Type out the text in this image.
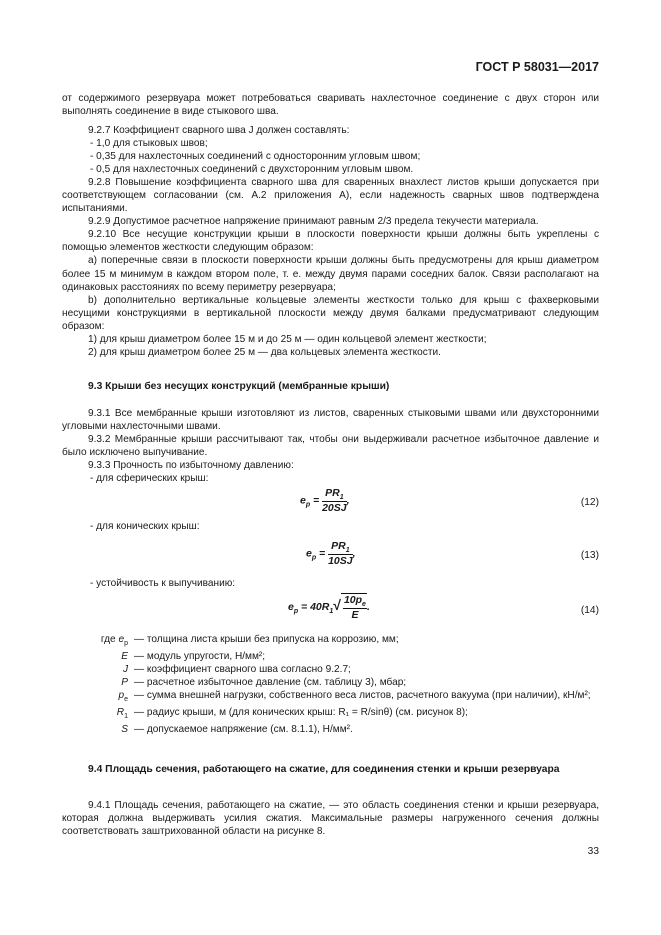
ГОСТ Р 58031—2017
от содержимого резервуара может потребоваться сваривать нахлесточное соединение с двух сторон или выполнять соединение в виде стыкового шва.

9.2.7 Коэффициент сварного шва J должен составлять:

- 1,0 для стыковых швов;

- 0,35 для нахлесточных соединений с односторонним угловым швом;

- 0,5 для нахлесточных соединений с двухсторонним угловым швом.

9.2.8 Повышение коэффициента сварного шва для сваренных внахлест листов крыши допускается при соответствующем согласовании (см. А.2 приложения А), если надежность сварных швов подтверждена испытаниями.

9.2.9 Допустимое расчетное напряжение принимают равным 2/3 предела текучести материала.

9.2.10 Все несущие конструкции крыши в плоскости поверхности крыши должны быть укреплены с помощью элементов жесткости следующим образом:

а) поперечные связи в плоскости поверхности крыши должны быть предусмотрены для крыш диаметром более 15 м минимум в каждом втором поле, т. е. между двумя парами соседних балок. Связи располагают на одинаковых расстояниях по всему периметру резервуара;

b) дополнительно вертикальные кольцевые элементы жесткости только для крыш с фахверковыми несущими конструкциями в вертикальной плоскости между двумя балками предусматривают следующим образом:

1) для крыш диаметром более 15 м и до 25 м — один кольцевой элемент жесткости;

2) для крыш диаметром более 25 м — два кольцевых элемента жесткости.

9.3 Крыши без несущих конструкций (мембранные крыши)

9.3.1 Все мембранные крыши изготовляют из листов, сваренных стыковыми швами или двухсторонними угловыми нахлесточными швами.

9.3.2 Мембранные крыши рассчитывают так, чтобы они выдерживали расчетное избыточное давление и было исключено выпучивание.

9.3.3 Прочность по избыточному давлению:

- для сферических крыш:

$e_p = \frac{PR_1}{20SJ}$ ,	(12)

- для конических крыш:

$e_p = \frac{PR_1}{10SJ}$ ,	(13)

- устойчивость к выпучиванию:

$e_p = 40R_1√ \frac{10p_e}{E}$ .	(14)
где $e_p$ — толщина листа крыши без припуска на коррозию, мм;
E — модуль упругости, Н/мм²;
J — коэффициент сварного шва согласно 9.2.7;
P — расчетное избыточное давление (см. таблицу 3), мбар;
$p_e$ — сумма внешней нагрузки, собственного веса листов, расчетного вакуума (при наличии), кН/м²;
$R_1$ — радиус крыши, м (для конических крыш: R₁ = R/sinθ) (см. рисунок 8);
S — допускаемое напряжение (см. 8.1.1), Н/мм².
9.4 Площадь сечения, работающего на сжатие, для соединения стенки и крыши резервуара

9.4.1 Площадь сечения, работающего на сжатие, — это область соединения стенки и крыши резервуара, которая должна выдерживать усилия сжатия. Максимальные размеры нагруженного сечения должны соответствовать заштрихованной области на рисунке 8.

33
